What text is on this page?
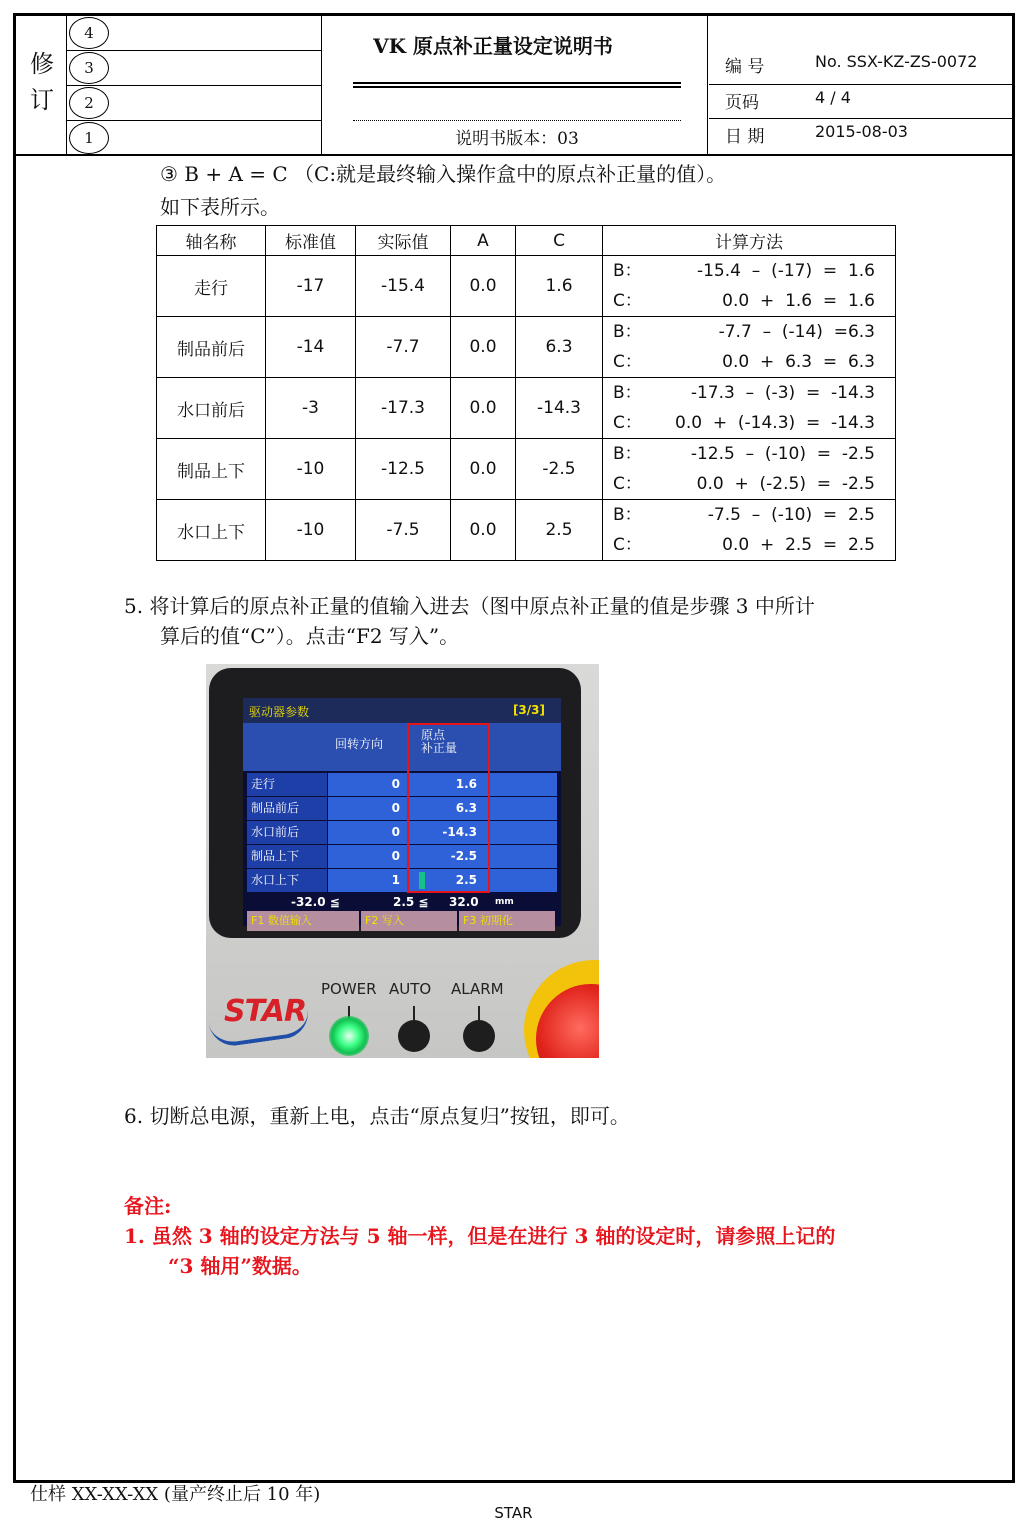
修订
4
3
2
1
VK 原点补正量设定说明书
说明书版本：03
编 号	No. SSX-KZ-ZS-0072
页码	4 / 4
日 期	2015-08-03
③ B + A = C （C:就是最终输入操作盒中的原点补正量的值）。
如下表所示。
轴名称	标准值	实际值	A	C	计算方法
走行	-17	-15.4	0.0	1.6	B： -15.4  –  (-17)  =  1.6
C： 0.0  +  1.6  =  1.6

制品前后	-14	-7.7	0.0	6.3	B： -7.7  –  (-14)  =6.3
C： 0.0  +  6.3  =  6.3

水口前后	-3	-17.3	0.0	-14.3	B： -17.3  –  (-3)  =  -14.3
C： 0.0  +  (-14.3)  =  -14.3

制品上下	-10	-12.5	0.0	-2.5	B： -12.5  –  (-10)  =  -2.5
C： 0.0  +  (-2.5)  =  -2.5

水口上下	-10	-7.5	0.0	2.5	B： -7.5  –  (-10)  =  2.5
C： 0.0  +  2.5  =  2.5
5. 将计算后的原点补正量的值输入进去（图中原点补正量的值是步骤 3 中所计
算后的值“C”）。点击“F2 写入”。
驱动器参数	[3/3]
回转方向
原点
补正量
走行	0	1.6
制品前后	0	6.3
水口前后	0	-14.3
制品上下	0	-2.5
水口上下	1	2.5
-32.0 ≦	2.5 ≦ 32.0 mm
F1 数值输入	F2 写入	F3 初期化
STAR
POWER AUTO ALARM
6. 切断总电源，重新上电，点击“原点复归”按钮，即可。
备注:
1. 虽然 3 轴的设定方法与 5 轴一样，但是在进行 3 轴的设定时，请参照上记的
“3 轴用”数据。
仕样 XX-XX-XX (量产终止后 10 年)
STAR
